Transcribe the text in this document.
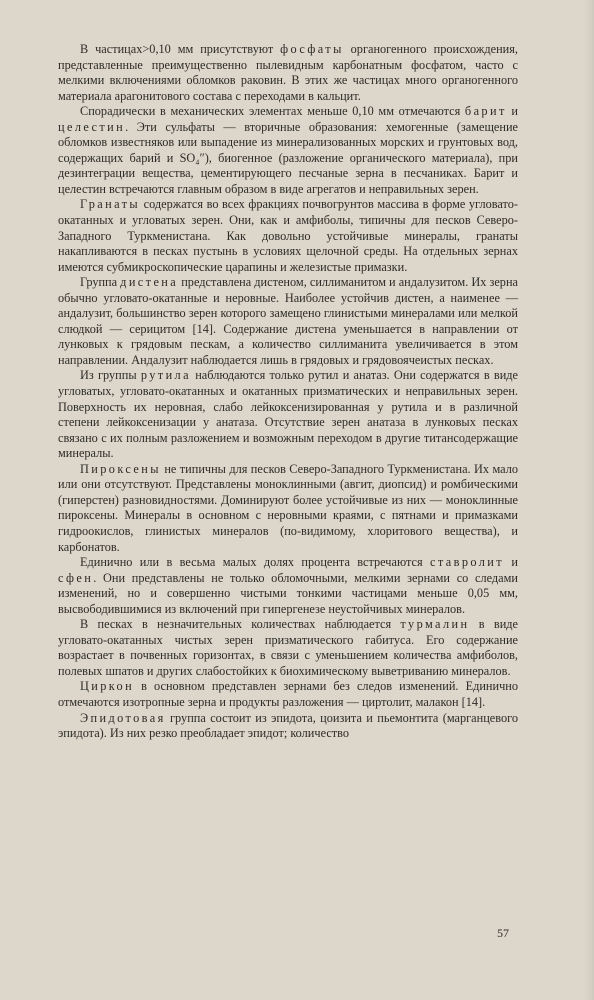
В частицах>0,10 мм присутствуют фосфаты органогенного происхождения, представленные преимущественно пылевидным карбонатным фосфатом, часто с мелкими включениями обломков раковин. В этих же частицах много органогенного материала арагонитового состава с переходами в кальцит.

Спорадически в механических элементах меньше 0,10 мм отмечаются барит и целестин. Эти сульфаты — вторичные образования: хемогенные (замещение обломков известняков или выпадение из минерализованных морских и грунтовых вод, содержащих барий и SO₄″), биогенное (разложение органического материала), при дезинтеграции вещества, цементирующего песчаные зерна в песчаниках. Барит и целестин встречаются главным образом в виде агрегатов и неправильных зерен.

Гранаты содержатся во всех фракциях почвогрунтов массива в форме угловато-окатанных и угловатых зерен. Они, как и амфиболы, типичны для песков Северо-Западного Туркменистана. Как довольно устойчивые минералы, гранаты накапливаются в песках пустынь в условиях щелочной среды. На отдельных зернах имеются субмикроскопические царапины и железистые примазки.

Группа дистена представлена дистеном, силлиманитом и андалузитом. Их зерна обычно угловато-окатанные и неровные. Наиболее устойчив дистен, а наименее — андалузит, большинство зерен которого замещено глинистыми минералами или мелкой слюдкой — серицитом [14]. Содержание дистена уменьшается в направлении от лунковых к грядовым пескам, а количество силлиманита увеличивается в этом направлении. Андалузит наблюдается лишь в грядовых и грядовоячеистых песках.

Из группы рутила наблюдаются только рутил и анатаз. Они содержатся в виде угловатых, угловато-окатанных и окатанных призматических и неправильных зерен. Поверхность их неровная, слабо лейкоксенизированная у рутила и в различной степени лейкоксенизации у анатаза. Отсутствие зерен анатаза в лунковых песках связано с их полным разложением и возможным переходом в другие титансодержащие минералы.

Пироксены не типичны для песков Северо-Западного Туркменистана. Их мало или они отсутствуют. Представлены моноклинными (авгит, диопсид) и ромбическими (гиперстен) разновидностями. Доминируют более устойчивые из них — моноклинные пироксены. Минералы в основном с неровными краями, с пятнами и примазками гидроокислов, глинистых минералов (по-видимому, хлоритового вещества), и карбонатов.

Единично или в весьма малых долях процента встречаются ставролит и сфен. Они представлены не только обломочными, мелкими зернами со следами изменений, но и совершенно чистыми тонкими частицами меньше 0,05 мм, высвободившимися из включений при гипергенезе неустойчивых минералов.

В песках в незначительных количествах наблюдается турмалин в виде угловато-окатанных чистых зерен призматического габитуса. Его содержание возрастает в почвенных горизонтах, в связи с уменьшением количества амфиболов, полевых шпатов и других слабостойких к биохимическому выветриванию минералов.

Циркон в основном представлен зернами без следов изменений. Единично отмечаются изотропные зерна и продукты разложения — циртолит, малакон [14].

Эпидотовая группа состоит из эпидота, цоизита и пьемонтита (марганцевого эпидота). Из них резко преобладает эпидот; количество

57
